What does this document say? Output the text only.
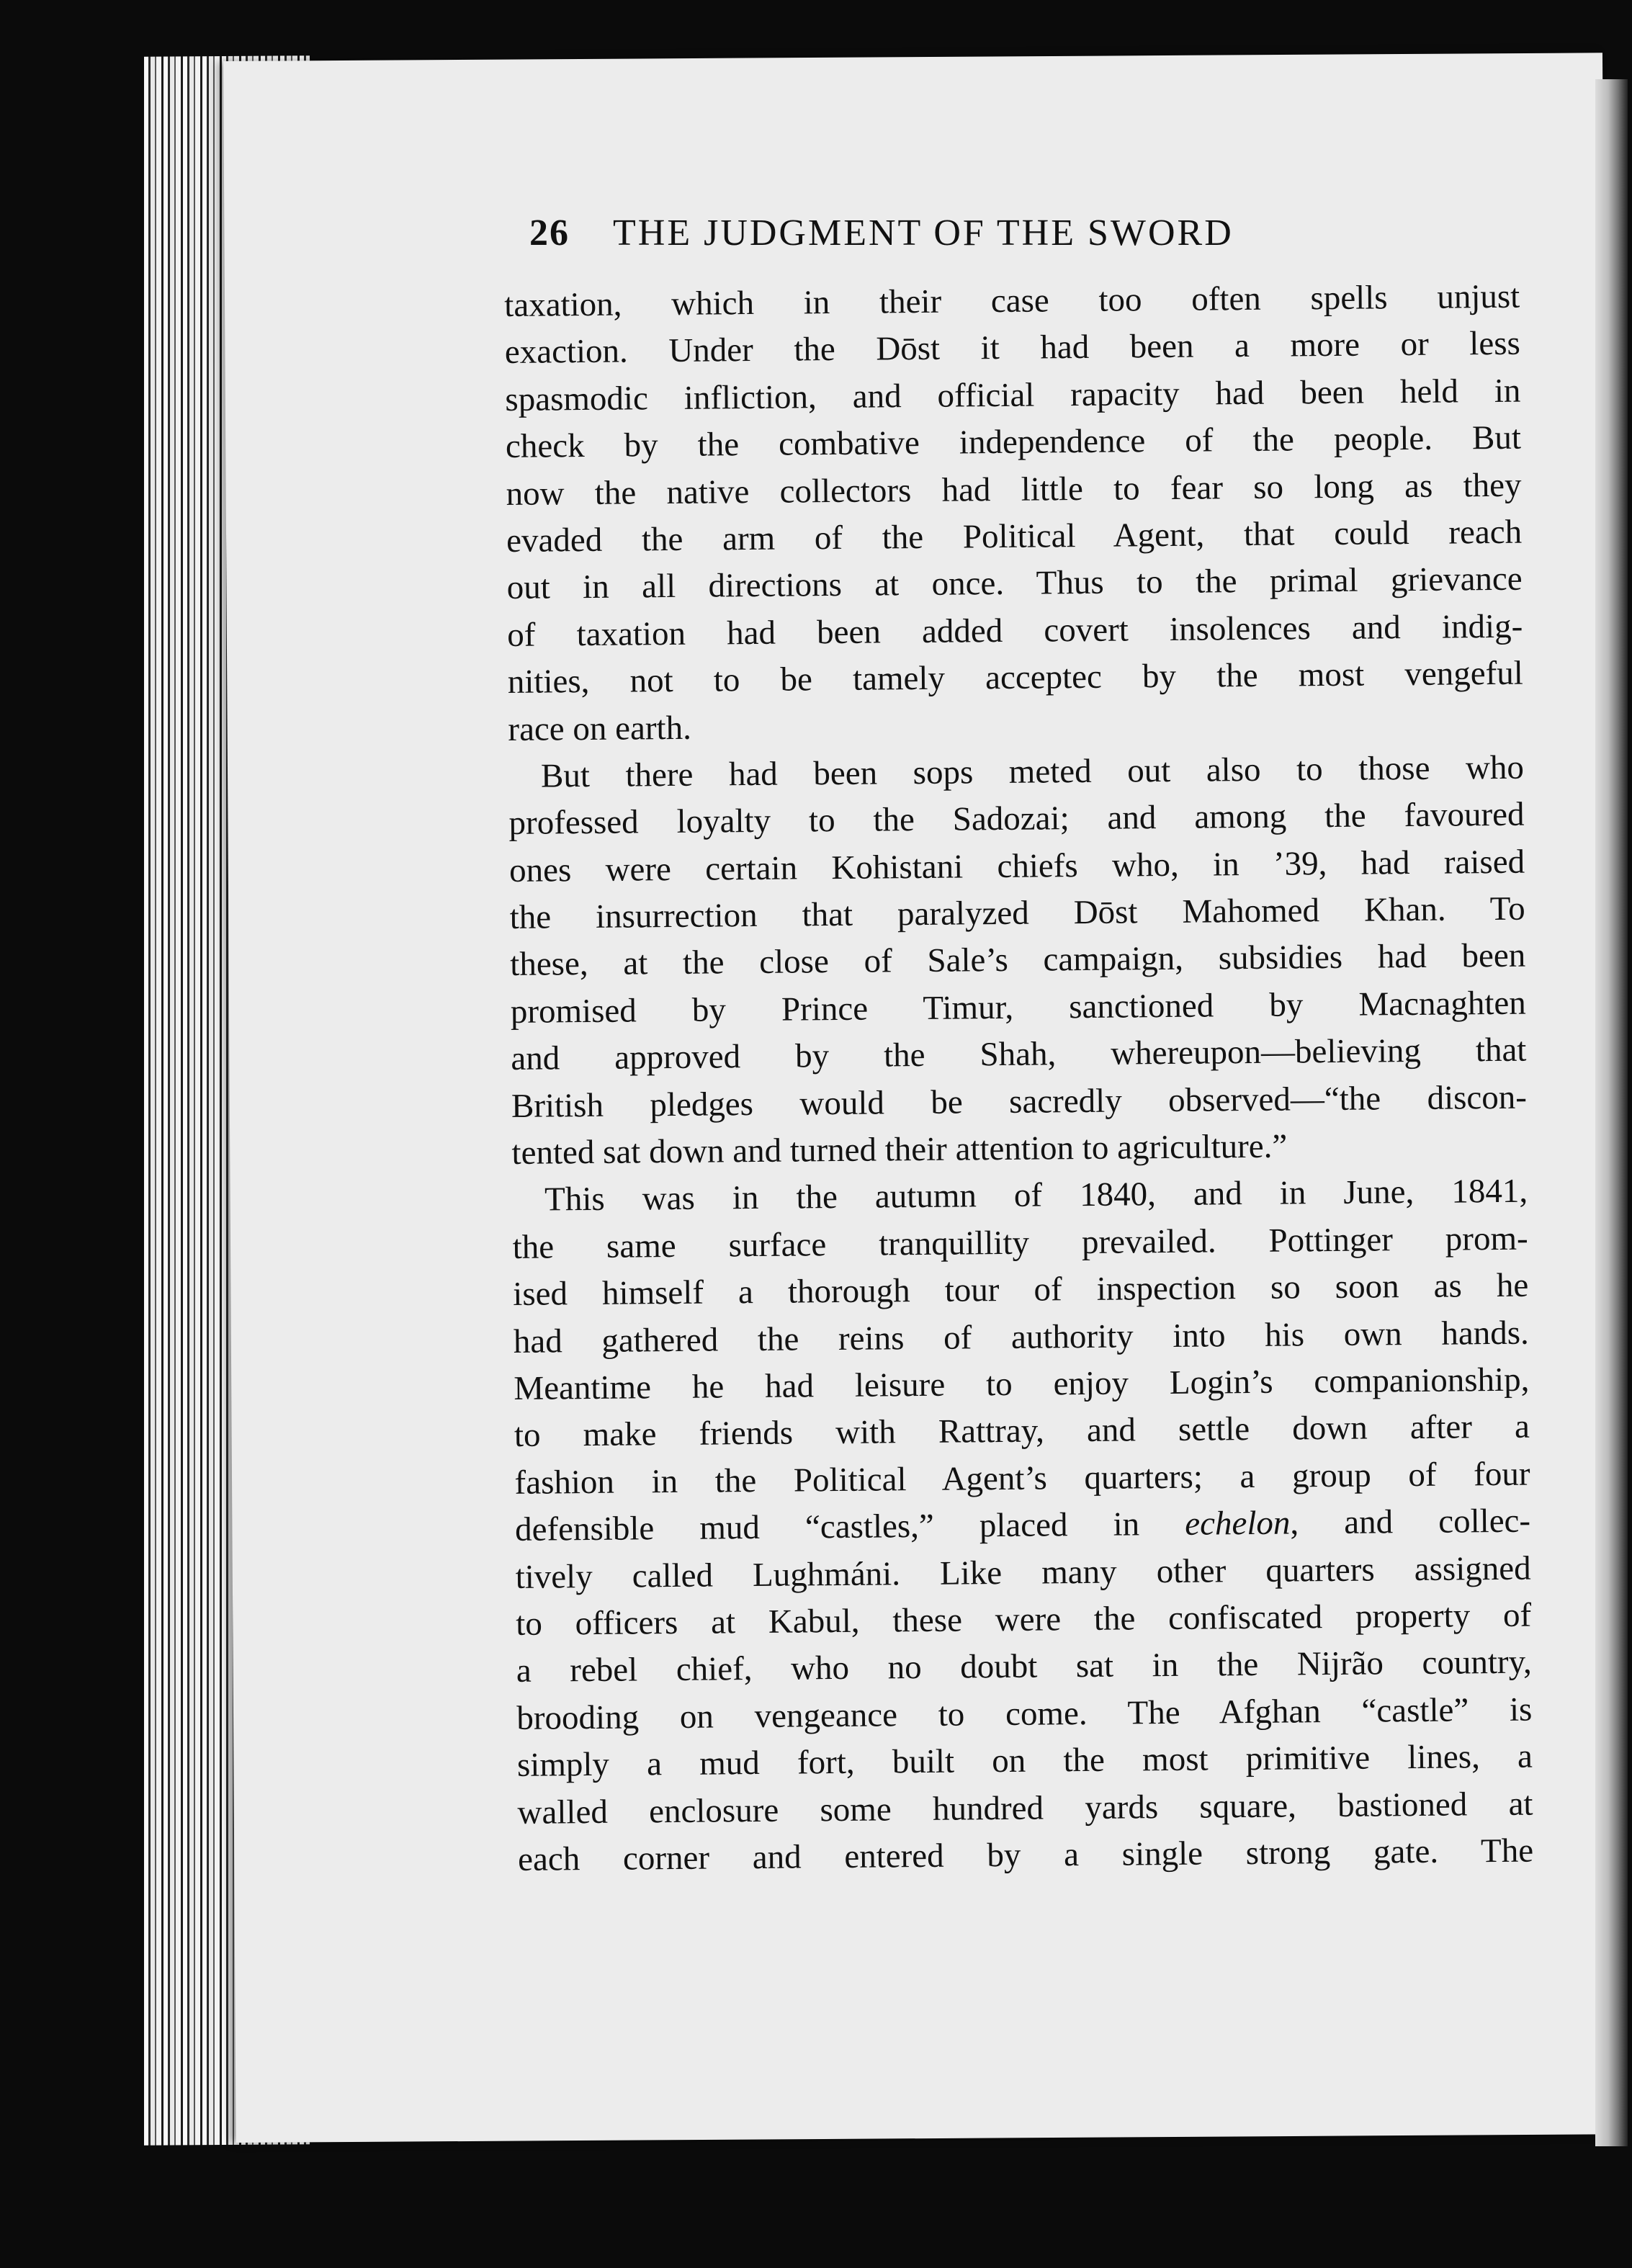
26 THE JUDGMENT OF THE SWORD
taxation, which in their case too often spells unjust
exaction. Under the Dōst it had been a more or less
spasmodic infliction, and official rapacity had been held in
check by the combative independence of the people. But
now the native collectors had little to fear so long as they
evaded the arm of the Political Agent, that could reach
out in all directions at once. Thus to the primal grievance
of taxation had been added covert insolences and indig-
nities, not to be tamely acceptec by the most vengeful
race on earth.
But there had been sops meted out also to those who
professed loyalty to the Sadozai; and among the favoured
ones were certain Kohistani chiefs who, in ’39, had raised
the insurrection that paralyzed Dōst Mahomed Khan. To
these, at the close of Sale’s campaign, subsidies had been
promised by Prince Timur, sanctioned by Macnaghten
and approved by the Shah, whereupon—believing that
British pledges would be sacredly observed—“the discon-
tented sat down and turned their attention to agriculture.”
This was in the autumn of 1840, and in June, 1841,
the same surface tranquillity prevailed. Pottinger prom-
ised himself a thorough tour of inspection so soon as he
had gathered the reins of authority into his own hands.
Meantime he had leisure to enjoy Login’s companionship,
to make friends with Rattray, and settle down after a
fashion in the Political Agent’s quarters; a group of four
defensible mud “castles,” placed in echelon, and collec-
tively called Lughmáni. Like many other quarters assigned
to officers at Kabul, these were the confiscated property of
a rebel chief, who no doubt sat in the Nijrão country,
brooding on vengeance to come. The Afghan “castle” is
simply a mud fort, built on the most primitive lines, a
walled enclosure some hundred yards square, bastioned at
each corner and entered by a single strong gate. The
